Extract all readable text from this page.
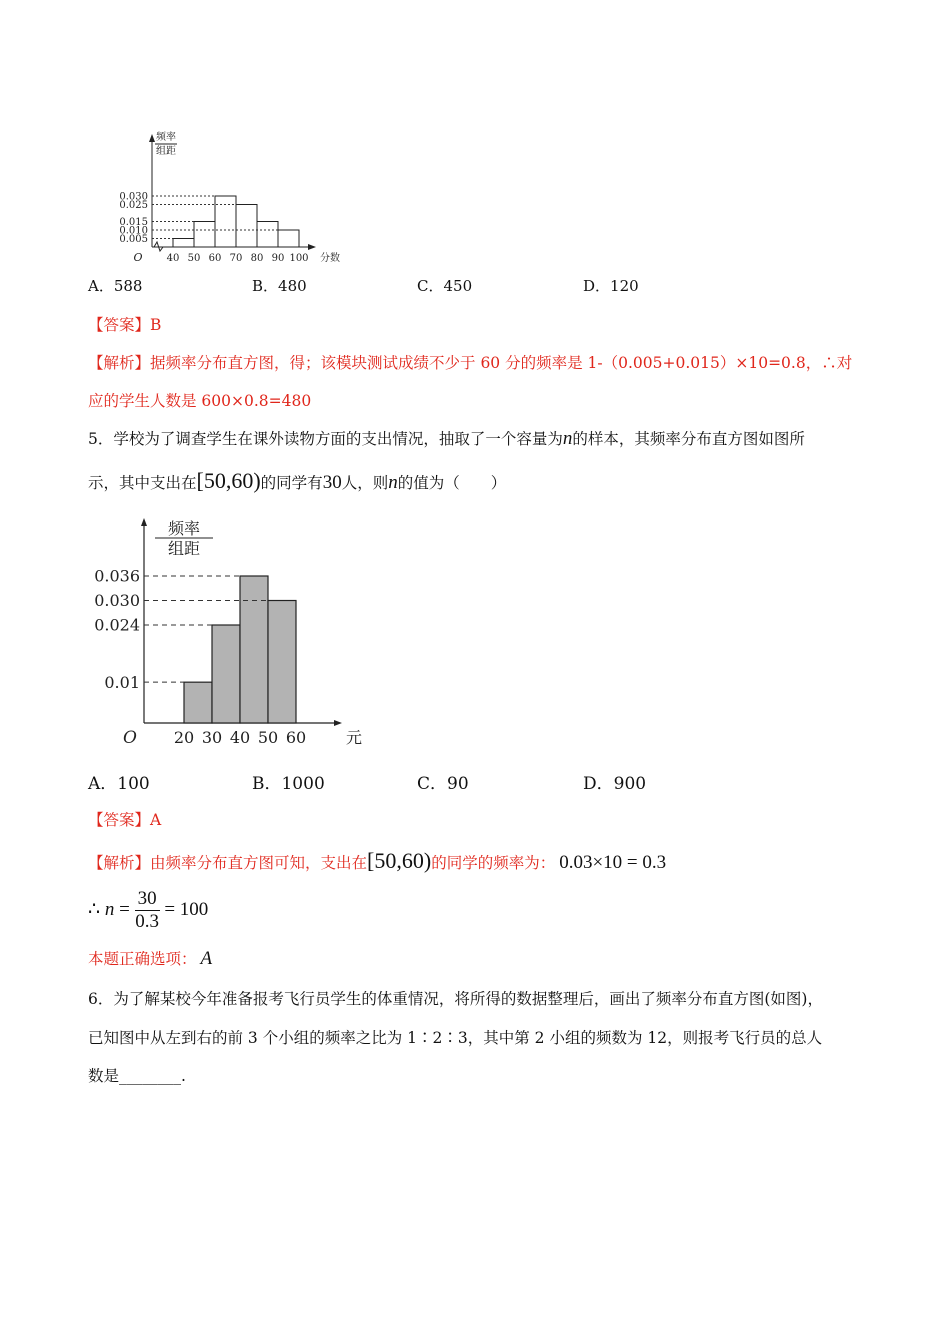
频率
组距
0.030
0.025
0.015
0.010
0.005
40 50 60 70 80 90 100 分数
O
A．588	B．480	C．450	D．120
【答案】B
【解析】据频率分布直方图，得；该模块测试成绩不少于 60 分的频率是 1-（0.005+0.015）×10=0.8，∴对
应的学生人数是 600×0.8=480
5．学校为了调查学生在课外读物方面的支出情况，抽取了一个容量为n的样本，其频率分布直方图如图所
示，其中支出在[50,60)的同学有30人，则n的值为（　　）
频率
组距
0.036
0.030
0.024
0.01
20 30 40 50 60 元
O
A．100	B．1000	C．90	D．900
【答案】A
【解析】由频率分布直方图可知，支出在[50,60)的同学的频率为： 0.03×10 = 0.3
∴ $n = \frac{30}{0.3} = 100$
本题正确选项： A
6．为了解某校今年准备报考飞行员学生的体重情况，将所得的数据整理后，画出了频率分布直方图(如图)，
已知图中从左到右的前 3 个小组的频率之比为 1∶2∶3，其中第 2 小组的频数为 12，则报考飞行员的总人
数是________.
